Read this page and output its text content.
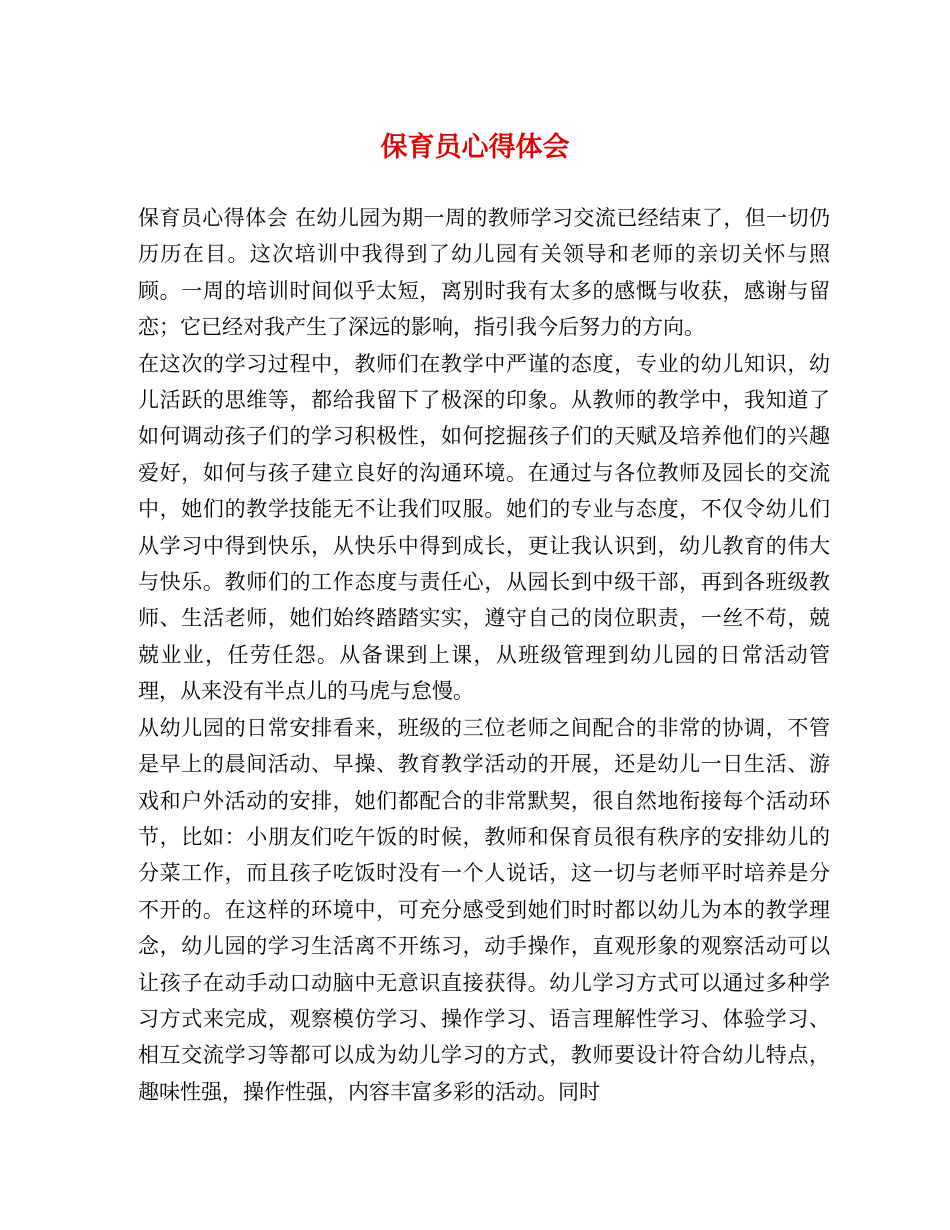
保育员心得体会

保育员心得体会 在幼儿园为期一周的教师学习交流已经结束了，但一切仍历历在目。这次培训中我得到了幼儿园有关领导和老师的亲切关怀与照顾。一周的培训时间似乎太短，离别时我有太多的感慨与收获，感谢与留恋；它已经对我产生了深远的影响，指引我今后努力的方向。

在这次的学习过程中，教师们在教学中严谨的态度，专业的幼儿知识，幼儿活跃的思维等，都给我留下了极深的印象。从教师的教学中，我知道了如何调动孩子们的学习积极性，如何挖掘孩子们的天赋及培养他们的兴趣爱好，如何与孩子建立良好的沟通环境。在通过与各位教师及园长的交流中，她们的教学技能无不让我们叹服。她们的专业与态度，不仅令幼儿们从学习中得到快乐，从快乐中得到成长，更让我认识到，幼儿教育的伟大与快乐。教师们的工作态度与责任心，从园长到中级干部，再到各班级教师、生活老师，她们始终踏踏实实，遵守自己的岗位职责，一丝不苟，兢兢业业，任劳任怨。从备课到上课，从班级管理到幼儿园的日常活动管理，从来没有半点儿的马虎与怠慢。

从幼儿园的日常安排看来，班级的三位老师之间配合的非常的协调，不管是早上的晨间活动、早操、教育教学活动的开展，还是幼儿一日生活、游戏和户外活动的安排，她们都配合的非常默契，很自然地衔接每个活动环节，比如：小朋友们吃午饭的时候，教师和保育员很有秩序的安排幼儿的分菜工作，而且孩子吃饭时没有一个人说话，这一切与老师平时培养是分不开的。在这样的环境中，可充分感受到她们时时都以幼儿为本的教学理念，幼儿园的学习生活离不开练习，动手操作，直观形象的观察活动可以让孩子在动手动口动脑中无意识直接获得。幼儿学习方式可以通过多种学习方式来完成，观察模仿学习、操作学习、语言理解性学习、体验学习、相互交流学习等都可以成为幼儿学习的方式，教师要设计符合幼儿特点，趣味性强，操作性强，内容丰富多彩的活动。同时
